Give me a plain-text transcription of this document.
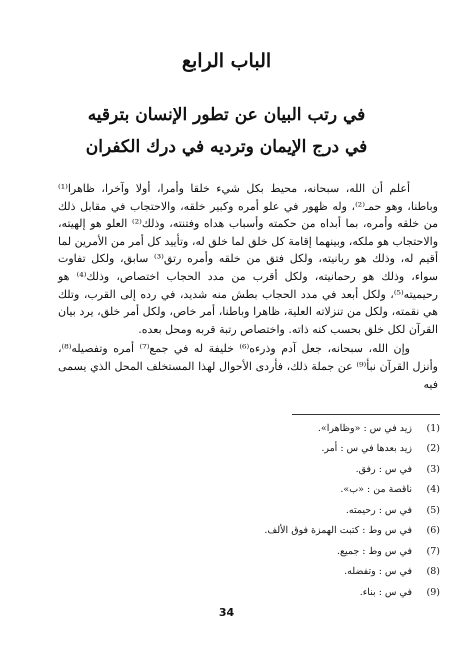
الباب الرابع
في رتب البيان عن تطور الإنسان بترقيه
في درج الإيمان وترديه في درك الكفران

أعلم أن الله، سبحانه، محيط بكل شيء خلقا وأمرا، أولا وآخرا، ظاهرا⁽¹⁾ وباطنا، وهو حمـ⁽²⁾، وله ظهور في علو أمره وكبير خلقه، والاحتجاب في مقابل ذلك من خلقه وأمره، بما أبداه من حكمته وأسباب هداه وفتنته، وذلك⁽²⁾ العلو هو إلهيته، والاحتجاب هو ملكه، وبينهما إقامة كل خلق لما خلق له، وتأييد كل أمر من الأمرين لما أقيم له، وذلك هو ربانيته، ولكل فتق من خلقه وأمره رتق⁽³⁾ سابق، ولكل تفاوت سواء، وذلك هو رحمانيته، ولكل أقرب من مدد الحجاب اختصاص، وذلك⁽⁴⁾ هو رحيميته⁽⁵⁾، ولكل أبعد في مدد الحجاب بطش منه شديد، في رده إلى القرب، وتلك هي نقمته، ولكل من تنزلاته العلية، ظاهرا وباطنا، أمر خاص، ولكل أمر خلق، يرد بيان القرآن لكل خلق بحسب كنه ذاته. واختصاص رتبة قربه ومحل بعده.

وإن الله، سبحانه، جعل آدم وذرءه⁽⁶⁾ خليفة له في جمع⁽⁷⁾ أمره وتفصيله⁽⁸⁾، وأنزل القرآن نبأ⁽⁹⁾ عن جملة ذلك، فأردى الأحوال لهذا المستخلف المحل الذي يسمى فيه

(1)
زيد في س : «وظاهرا».
(2)
زيد بعدها في س : أمر.
(3)
في س : رفق.
(4)
ناقصة من : «ب».
(5)
في س : رحيمته.
(6)
في س وط : كتبت الهمزة فوق الألف.
(7)
في س وط : جميع.
(8)
في س : وتفضله.
(9)
في س : بناء.
34
